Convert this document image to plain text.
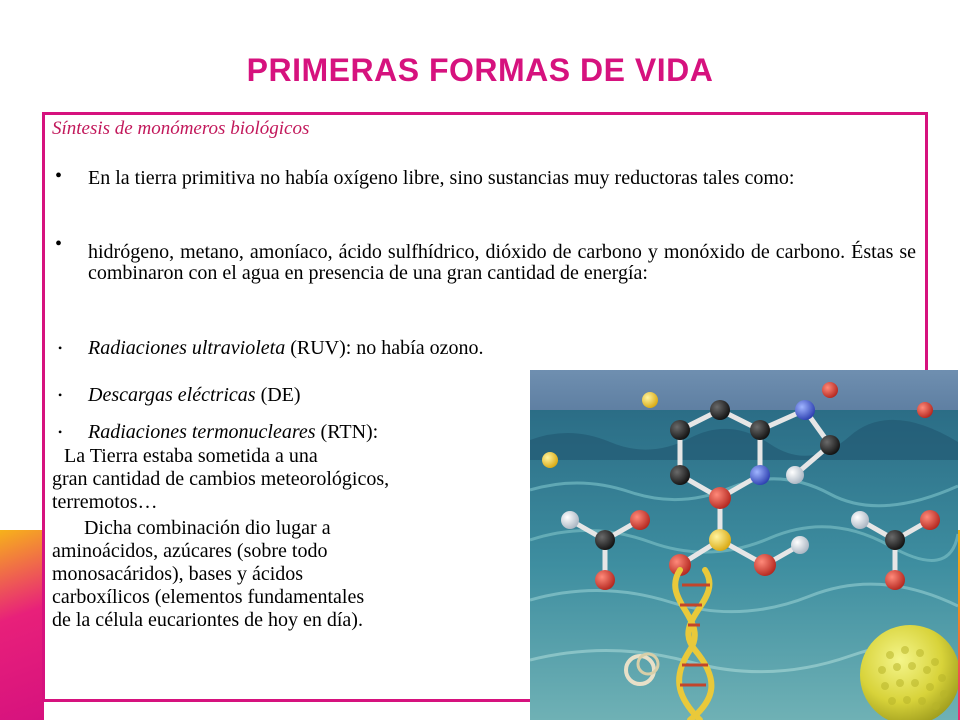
PRIMERAS FORMAS DE VIDA
Síntesis de monómeros biológicos
• En la tierra primitiva no había oxígeno libre, sino sustancias muy reductoras tales como:
• hidrógeno, metano, amoníaco, ácido sulfhídrico, dióxido de carbono y monóxido de carbono. Éstas se combinaron con el agua en presencia de una gran cantidad de energía:
• Radiaciones ultravioleta (RUV): no había ozono.
• Descargas eléctricas (DE)
• Radiaciones termonucleares (RTN):
La Tierra estaba sometida a una
gran cantidad de cambios meteorológicos,
terremotos…
Dicha combinación dio lugar a
aminoácidos, azúcares (sobre todo
monosacáridos), bases y ácidos
carboxílicos (elementos fundamentales
de la célula eucariontes de hoy en día).
